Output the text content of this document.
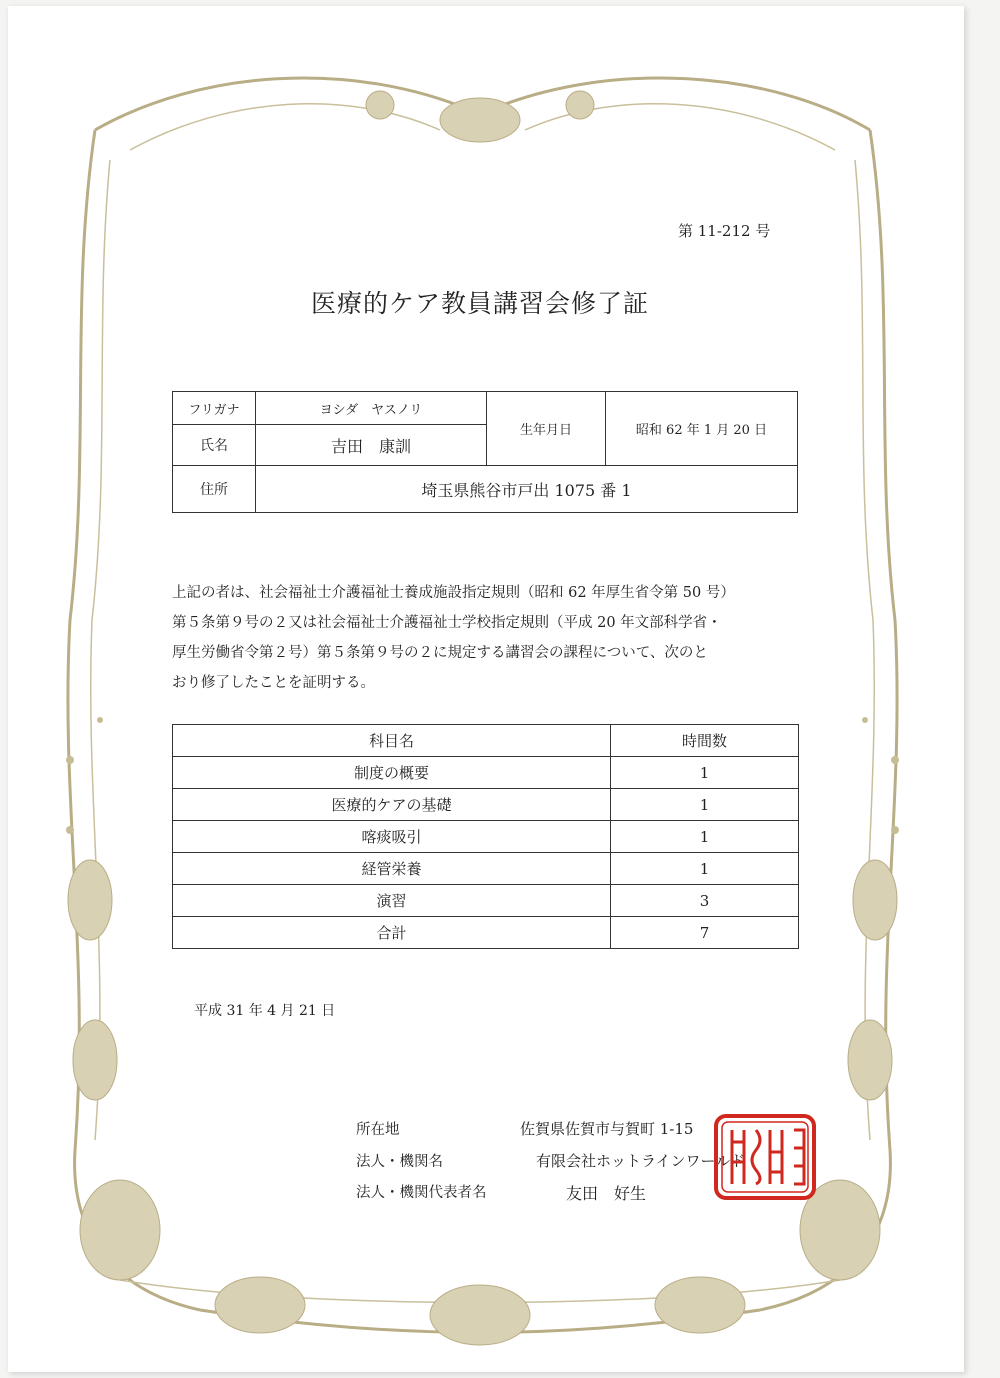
第 11-212 号
医療的ケア教員講習会修了証
フリガナ	ヨシダ　ヤスノリ	生年月日	昭和 62 年 1 月 20 日
氏名	吉田　康訓		
住所	埼玉県熊谷市戸出 1075 番 1		
上記の者は、社会福祉士介護福祉士養成施設指定規則（昭和 62 年厚生省令第 50 号）
第５条第９号の２又は社会福祉士介護福祉士学校指定規則（平成 20 年文部科学省・
厚生労働省令第２号）第５条第９号の２に規定する講習会の課程について、次のと
おり修了したことを証明する。
科目名	時間数
制度の概要	1
医療的ケアの基礎	1
喀痰吸引	1
経管栄養	1
演習	3
合計	7
平成 31 年 4 月 21 日
所在地	佐賀県佐賀市与賀町 1-15
法人・機関名	有限会社ホットラインワールド
法人・機関代表者名	友田　好生
